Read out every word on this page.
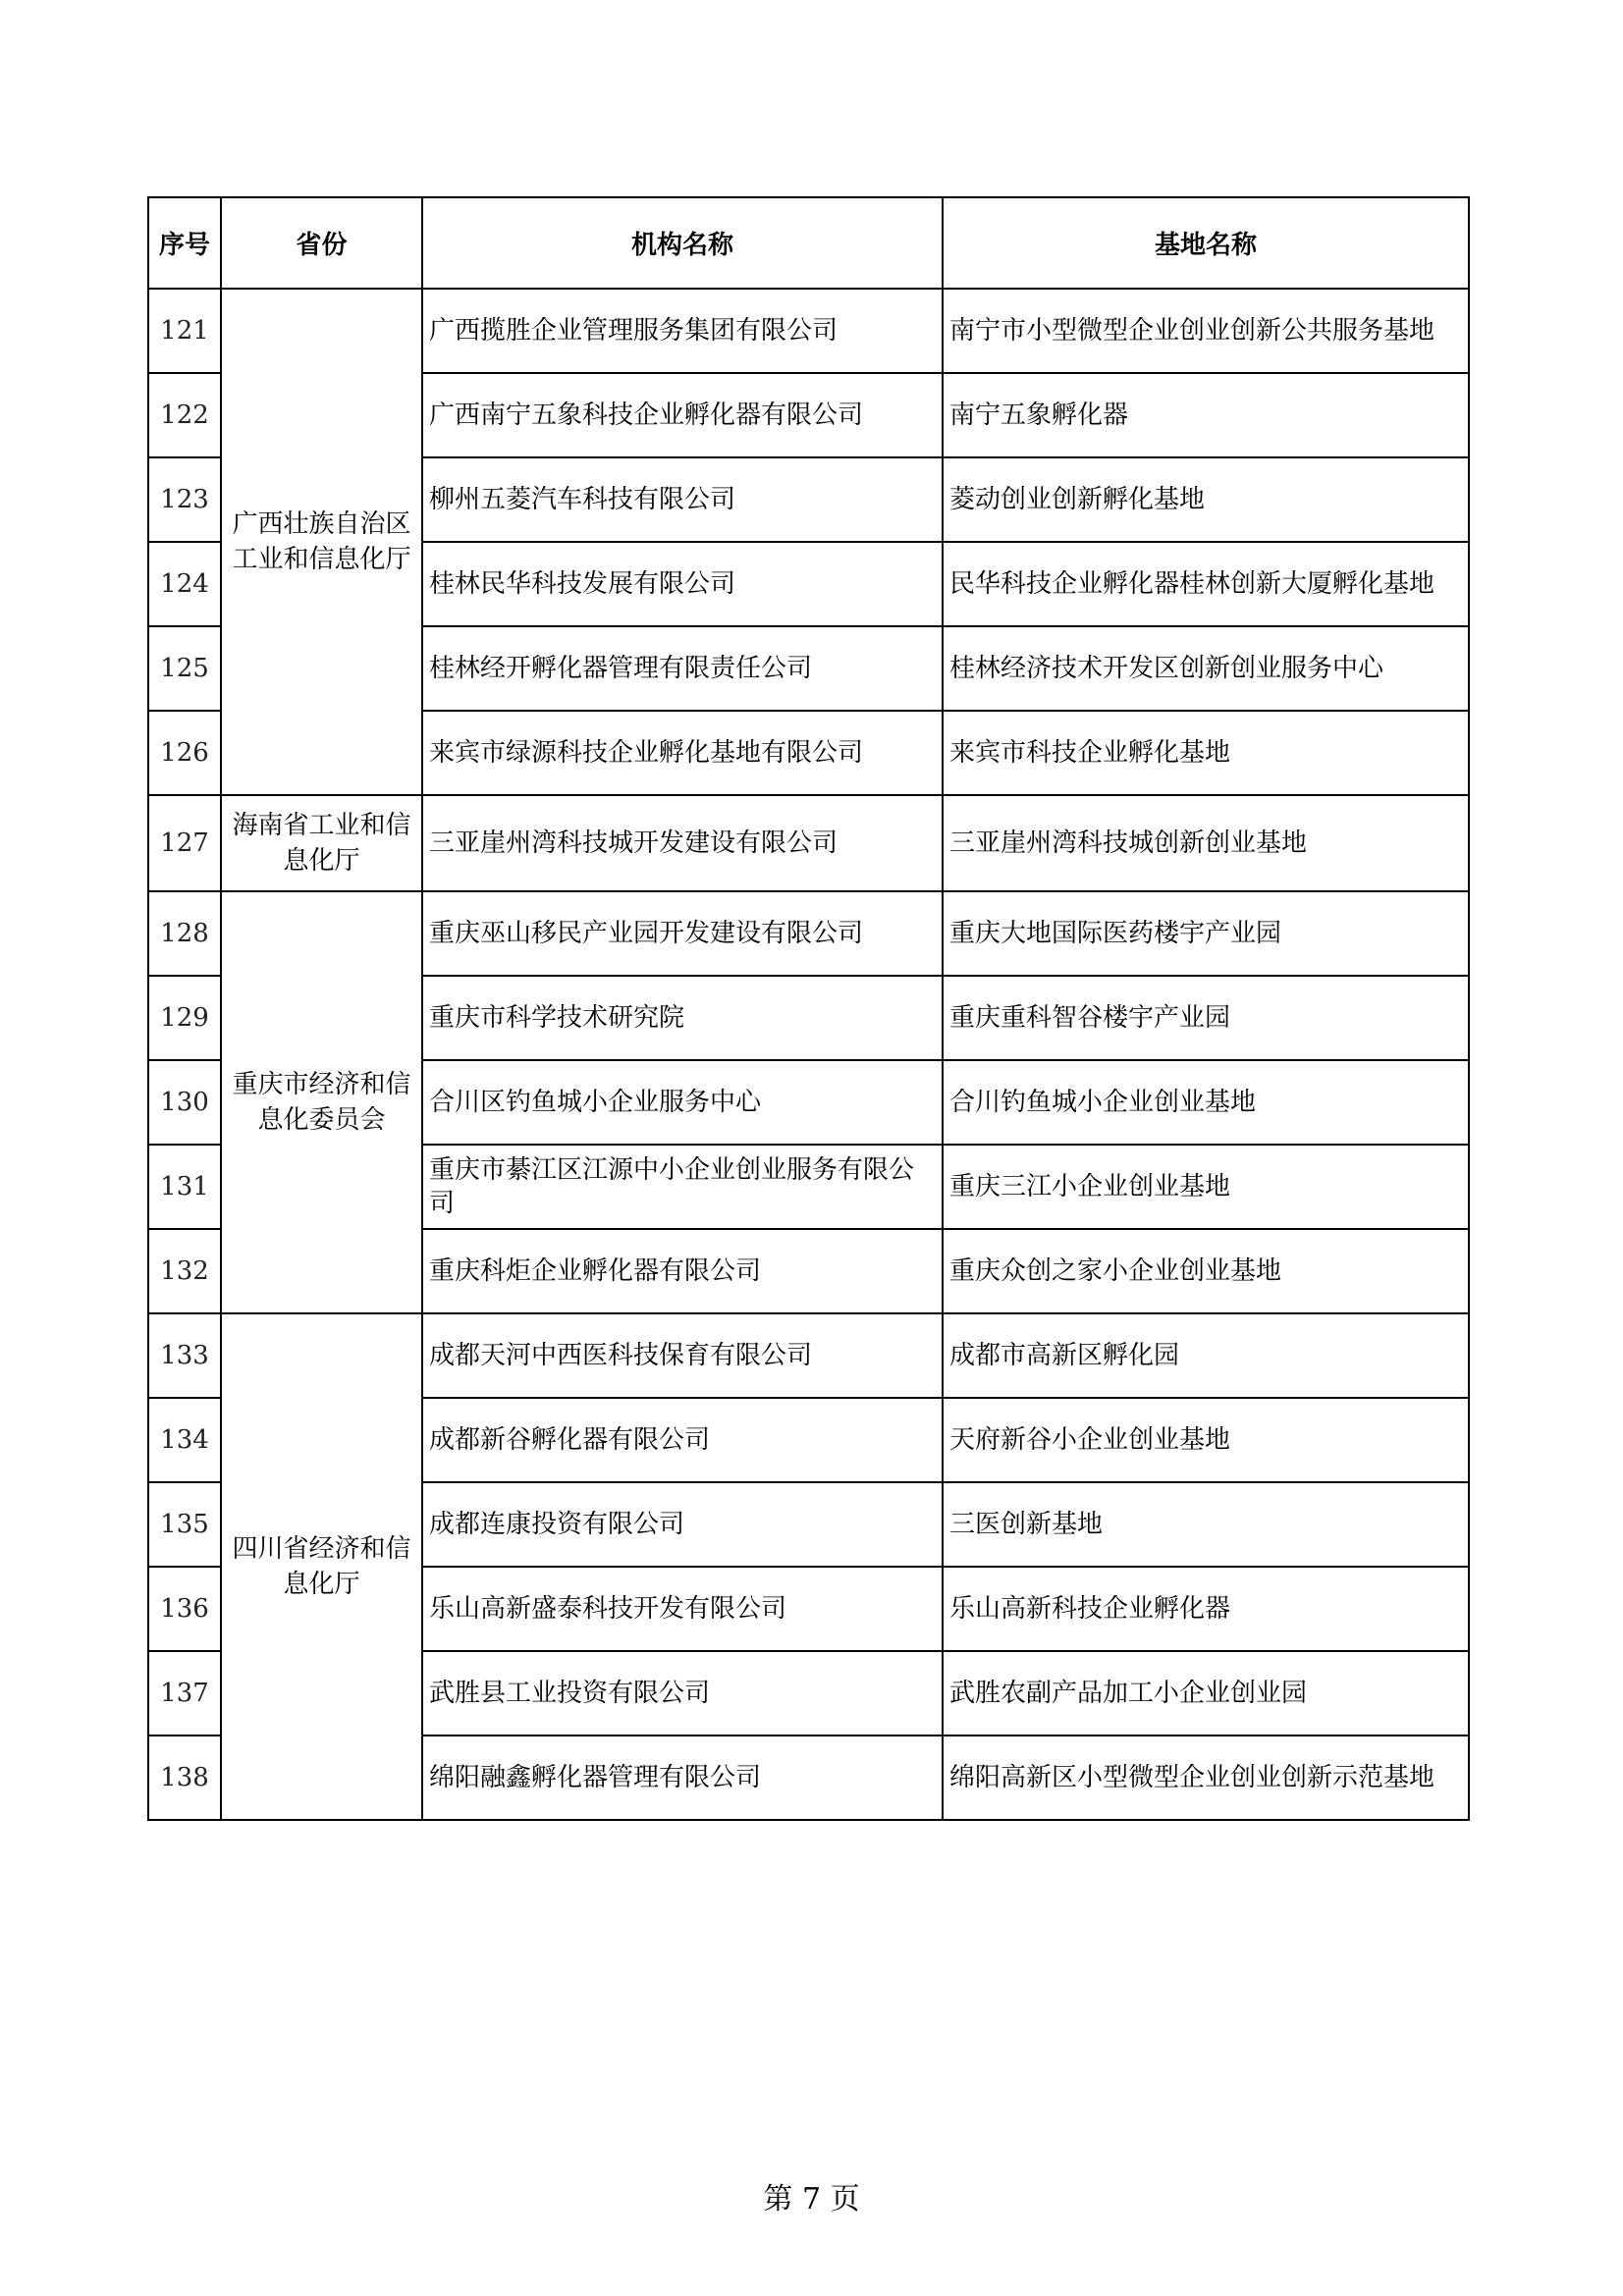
序号	省份	机构名称	基地名称
121	广西壮族自治区工业和信息化厅	广西揽胜企业管理服务集团有限公司	南宁市小型微型企业创业创新公共服务基地
122		广西南宁五象科技企业孵化器有限公司	南宁五象孵化器
123		柳州五菱汽车科技有限公司	菱动创业创新孵化基地
124		桂林民华科技发展有限公司	民华科技企业孵化器桂林创新大厦孵化基地
125		桂林经开孵化器管理有限责任公司	桂林经济技术开发区创新创业服务中心
126		来宾市绿源科技企业孵化基地有限公司	来宾市科技企业孵化基地
127	海南省工业和信息化厅	三亚崖州湾科技城开发建设有限公司	三亚崖州湾科技城创新创业基地
128	重庆市经济和信息化委员会	重庆巫山移民产业园开发建设有限公司	重庆大地国际医药楼宇产业园
129		重庆市科学技术研究院	重庆重科智谷楼宇产业园
130		合川区钓鱼城小企业服务中心	合川钓鱼城小企业创业基地
131		重庆市綦江区江源中小企业创业服务有限公司	重庆三江小企业创业基地
132		重庆科炬企业孵化器有限公司	重庆众创之家小企业创业基地
133	四川省经济和信息化厅	成都天河中西医科技保育有限公司	成都市高新区孵化园
134		成都新谷孵化器有限公司	天府新谷小企业创业基地
135		成都连康投资有限公司	三医创新基地
136		乐山高新盛泰科技开发有限公司	乐山高新科技企业孵化器
137		武胜县工业投资有限公司	武胜农副产品加工小企业创业园
138		绵阳融鑫孵化器管理有限公司	绵阳高新区小型微型企业创业创新示范基地
第 7 页
